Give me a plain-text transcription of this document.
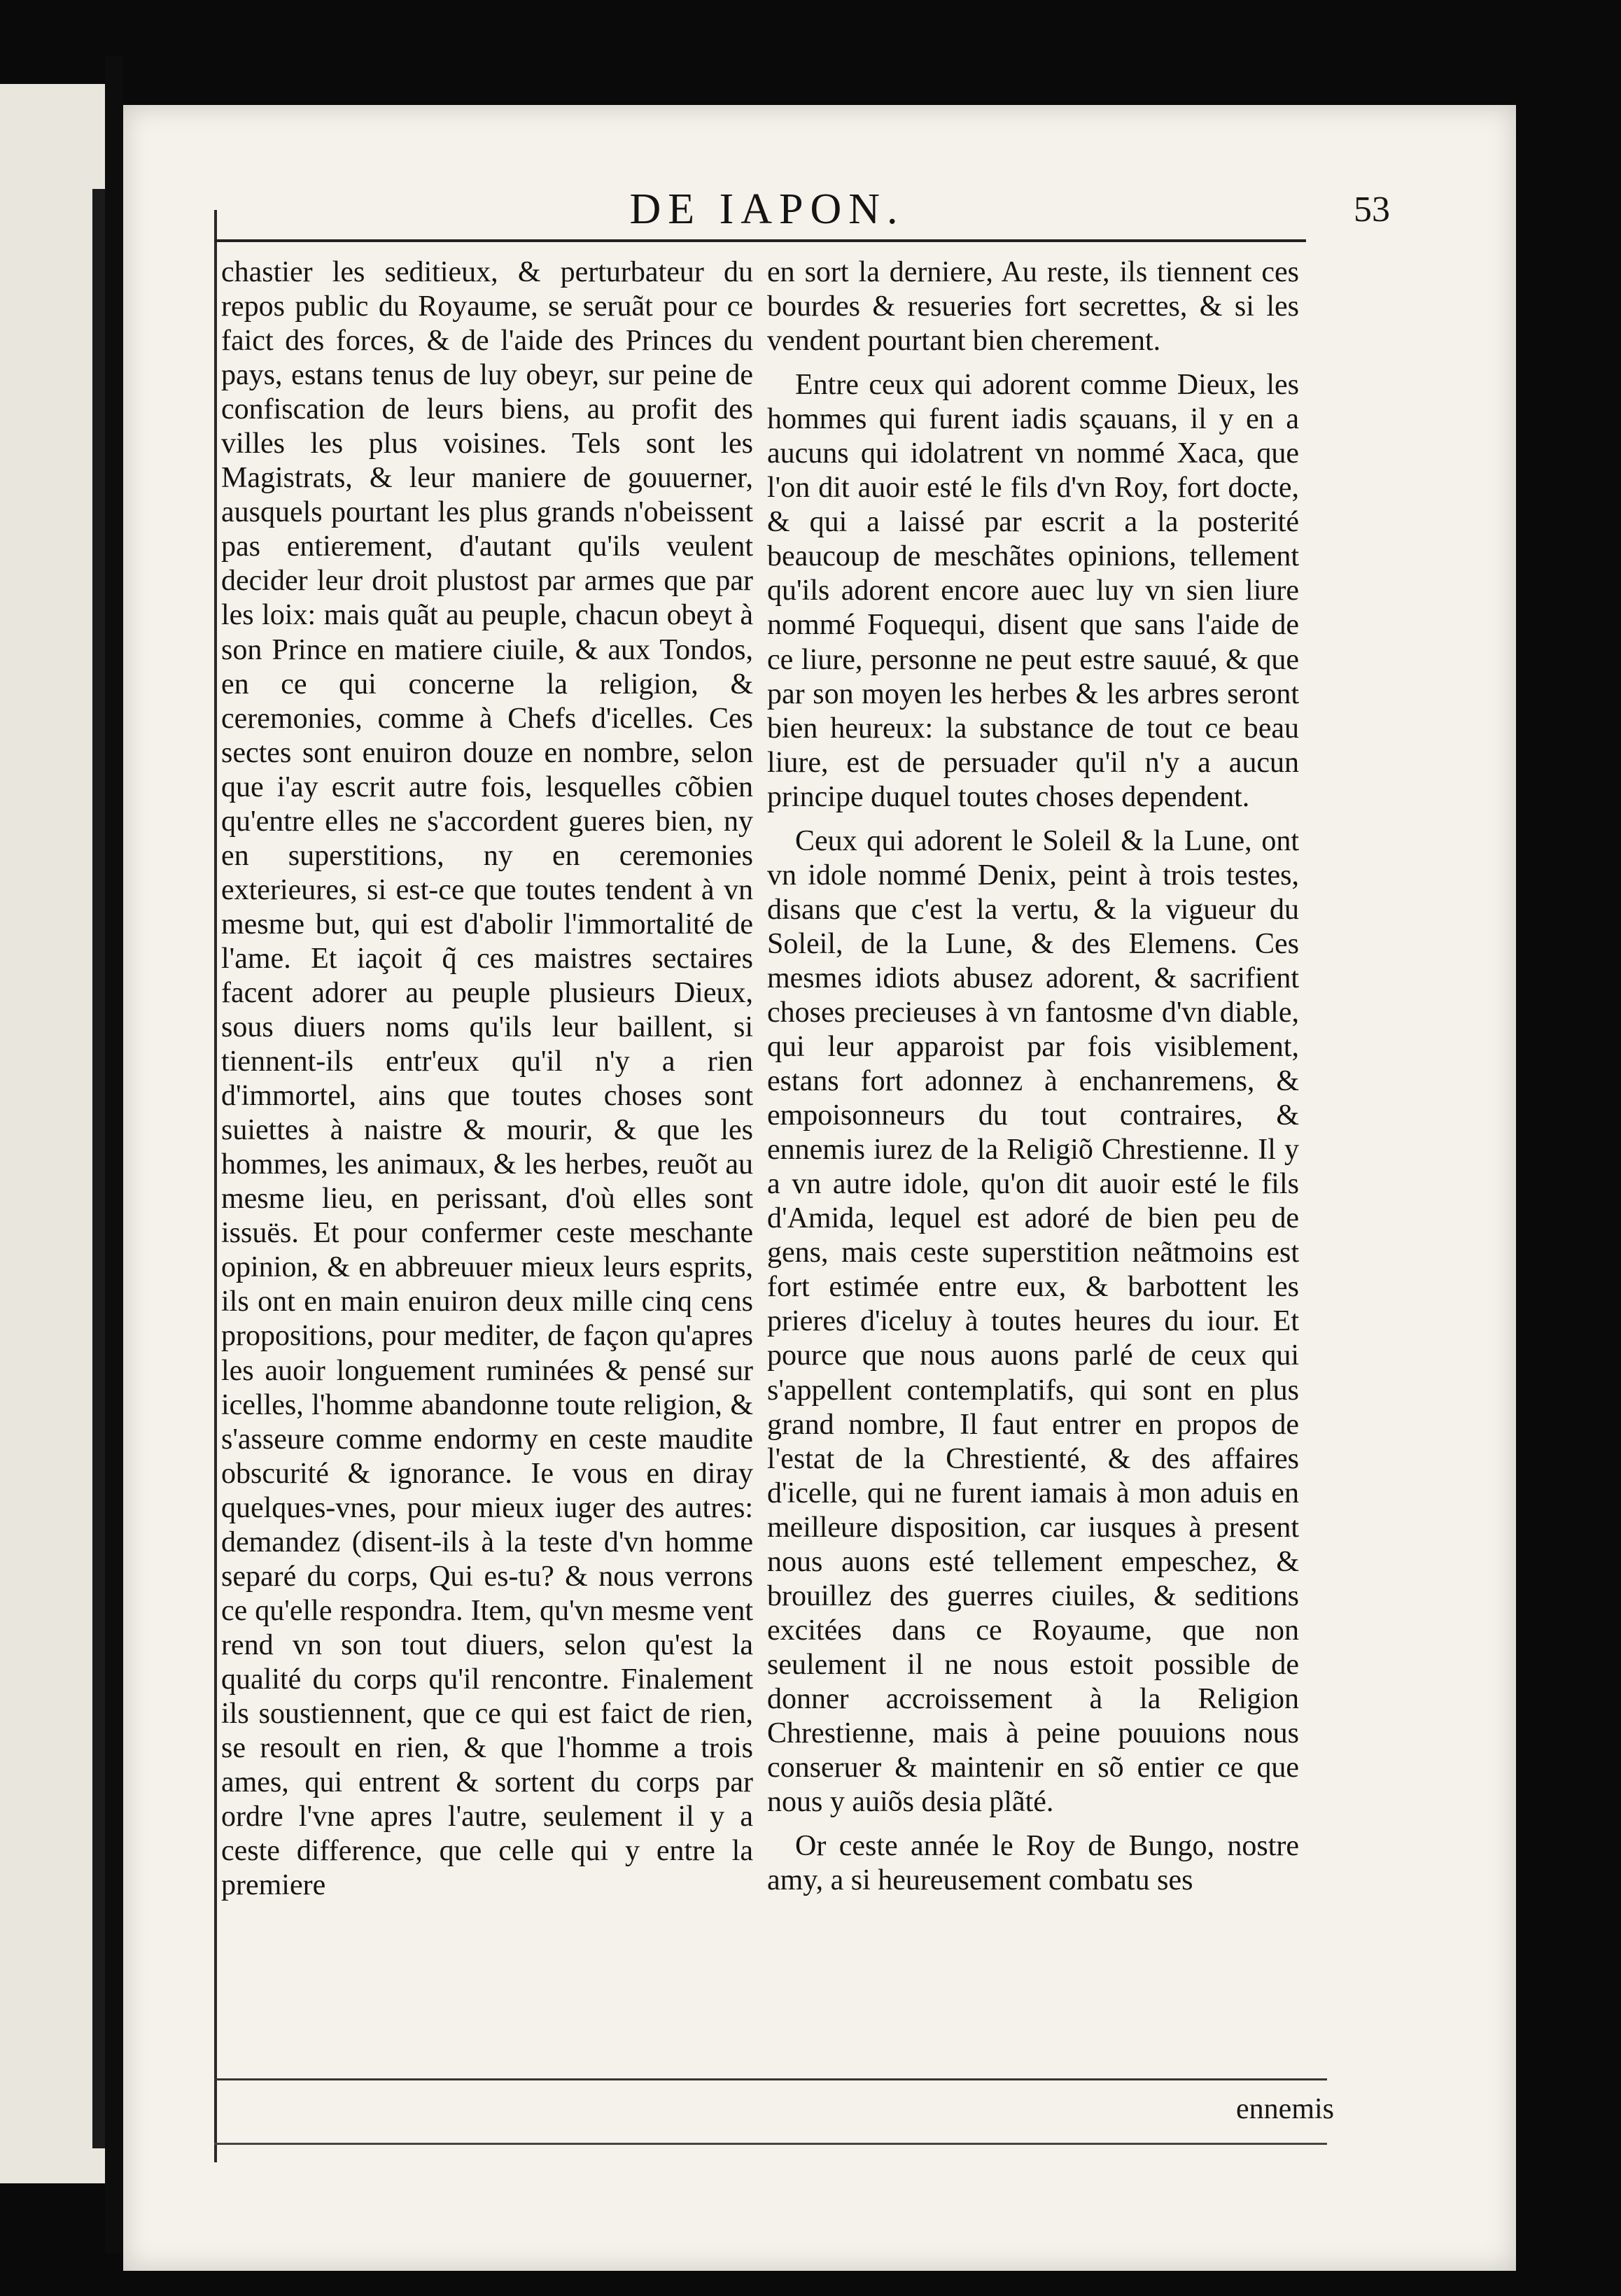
DE IAPON.	53

chastier les seditieux, & perturbateur du repos public du Royaume, se seruãt pour ce faict des forces, & de l'aide des Princes du pays, estans tenus de luy obeyr, sur peine de confiscation de leurs biens, au profit des villes les plus voisines. Tels sont les Magistrats, & leur maniere de gouuerner, ausquels pourtant les plus grands n'obeissent pas entierement, d'autant qu'ils veulent decider leur droit plustost par armes que par les loix: mais quãt au peuple, chacun obeyt à son Prince en matiere ciuile, & aux Tondos, en ce qui concerne la religion, & ceremonies, comme à Chefs d'icelles. Ces sectes sont enuiron douze en nombre, selon que i'ay escrit autre fois, lesquelles cõbien qu'entre elles ne s'accordent gueres bien, ny en superstitions, ny en ceremonies exterieures, si est-ce que toutes tendent à vn mesme but, qui est d'abolir l'immortalité de l'ame. Et iaçoit q̃ ces maistres sectaires facent adorer au peuple plusieurs Dieux, sous diuers noms qu'ils leur baillent, si tiennent-ils entr'eux qu'il n'y a rien d'immortel, ains que toutes choses sont suiettes à naistre & mourir, & que les hommes, les animaux, & les herbes, reuõt au mesme lieu, en perissant, d'où elles sont issuës. Et pour confermer ceste meschante opinion, & en abbreuuer mieux leurs esprits, ils ont en main enuiron deux mille cinq cens propositions, pour mediter, de façon qu'apres les auoir longuement ruminées & pensé sur icelles, l'homme abandonne toute religion, & s'asseure comme endormy en ceste maudite obscurité & ignorance. Ie vous en diray quelques-vnes, pour mieux iuger des autres: demandez (disent-ils à la teste d'vn homme separé du corps, Qui es-tu? & nous verrons ce qu'elle respondra. Item, qu'vn mesme vent rend vn son tout diuers, selon qu'est la qualité du corps qu'il rencontre. Finalement ils soustiennent, que ce qui est faict de rien, se resoult en rien, & que l'homme a trois ames, qui entrent & sortent du corps par ordre l'vne apres l'autre, seulement il y a ceste difference, que celle qui y entre la premiere

en sort la derniere, Au reste, ils tiennent ces bourdes & resueries fort secrettes, & si les vendent pourtant bien cherement.

Entre ceux qui adorent comme Dieux, les hommes qui furent iadis sçauans, il y en a aucuns qui idolatrent vn nommé Xaca, que l'on dit auoir esté le fils d'vn Roy, fort docte, & qui a laissé par escrit a la posterité beaucoup de meschãtes opinions, tellement qu'ils adorent encore auec luy vn sien liure nommé Foquequi, disent que sans l'aide de ce liure, personne ne peut estre sauué, & que par son moyen les herbes & les arbres seront bien heureux: la substance de tout ce beau liure, est de persuader qu'il n'y a aucun principe duquel toutes choses dependent.

Ceux qui adorent le Soleil & la Lune, ont vn idole nommé Denix, peint à trois testes, disans que c'est la vertu, & la vigueur du Soleil, de la Lune, & des Elemens. Ces mesmes idiots abusez adorent, & sacrifient choses precieuses à vn fantosme d'vn diable, qui leur apparoist par fois visiblement, estans fort adonnez à enchanremens, & empoisonneurs du tout contraires, & ennemis iurez de la Religiõ Chrestienne. Il y a vn autre idole, qu'on dit auoir esté le fils d'Amida, lequel est adoré de bien peu de gens, mais ceste superstition neãtmoins est fort estimée entre eux, & barbottent les prieres d'iceluy à toutes heures du iour. Et pource que nous auons parlé de ceux qui s'appellent contemplatifs, qui sont en plus grand nombre, Il faut entrer en propos de l'estat de la Chrestienté, & des affaires d'icelle, qui ne furent iamais à mon aduis en meilleure disposition, car iusques à present nous auons esté tellement empeschez, & brouillez des guerres ciuiles, & seditions excitées dans ce Royaume, que non seulement il ne nous estoit possible de donner accroissement à la Religion Chrestienne, mais à peine pouuions nous conseruer & maintenir en sõ entier ce que nous y auiõs desia plãté.

Or ceste année le Roy de Bungo, nostre amy, a si heureusement combatu ses

ennemis
